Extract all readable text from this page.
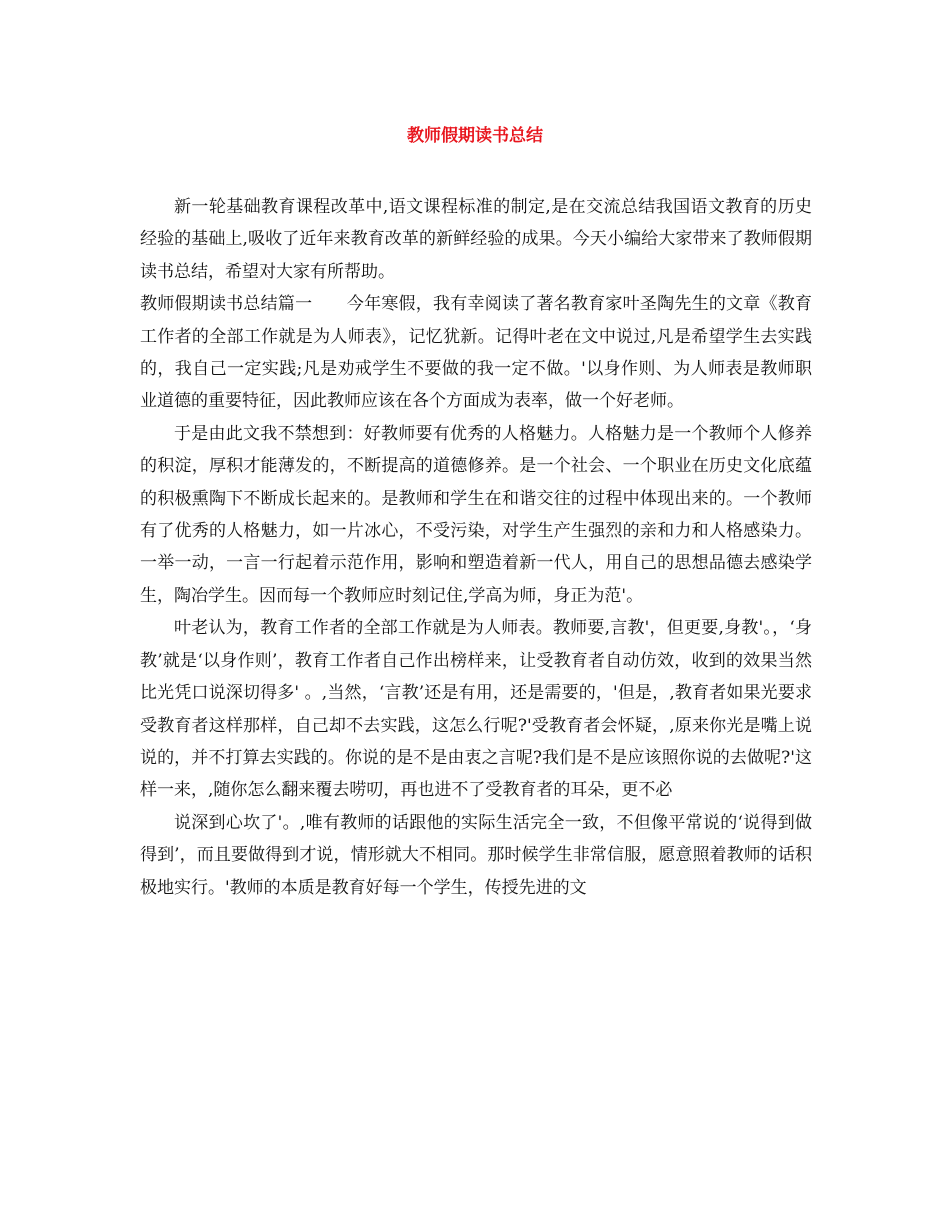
教师假期读书总结

新一轮基础教育课程改革中,语文课程标准的制定,是在交流总结我国语文教育的历史经验的基础上,吸收了近年来教育改革的新鲜经验的成果。今天小编给大家带来了教师假期读书总结，希望对大家有所帮助。

教师假期读书总结篇一　　今年寒假，我有幸阅读了著名教育家叶圣陶先生的文章《教育工作者的全部工作就是为人师表》，记忆犹新。记得叶老在文中说过,凡是希望学生去实践的，我自己一定实践;凡是劝戒学生不要做的我一定不做。'以身作则、为人师表是教师职业道德的重要特征，因此教师应该在各个方面成为表率，做一个好老师。

于是由此文我不禁想到：好教师要有优秀的人格魅力。人格魅力是一个教师个人修养的积淀，厚积才能薄发的，不断提高的道德修养。是一个社会、一个职业在历史文化底蕴的积极熏陶下不断成长起来的。是教师和学生在和谐交往的过程中体现出来的。一个教师有了优秀的人格魅力，如一片冰心，不受污染，对学生产生强烈的亲和力和人格感染力。一举一动，一言一行起着示范作用，影响和塑造着新一代人，用自己的思想品德去感染学生，陶冶学生。因而每一个教师应时刻记住,学高为师，身正为范'。

叶老认为，教育工作者的全部工作就是为人师表。教师要,言教'，但更要,身教'。，‘身教’就是‘以身作则’，教育工作者自己作出榜样来，让受教育者自动仿效，收到的效果当然比光凭口说深切得多' 。,当然，‘言教’还是有用，还是需要的，'但是，,教育者如果光要求受教育者这样那样，自己却不去实践，这怎么行呢?'受教育者会怀疑，,原来你光是嘴上说说的，并不打算去实践的。你说的是不是由衷之言呢?我们是不是应该照你说的去做呢?'这样一来，,随你怎么翻来覆去唠叨，再也进不了受教育者的耳朵，更不必

说深到心坎了'。,唯有教师的话跟他的实际生活完全一致，不但像平常说的‘说得到做得到’，而且要做得到才说，情形就大不相同。那时候学生非常信服，愿意照着教师的话积极地实行。'教师的本质是教育好每一个学生，传授先进的文
